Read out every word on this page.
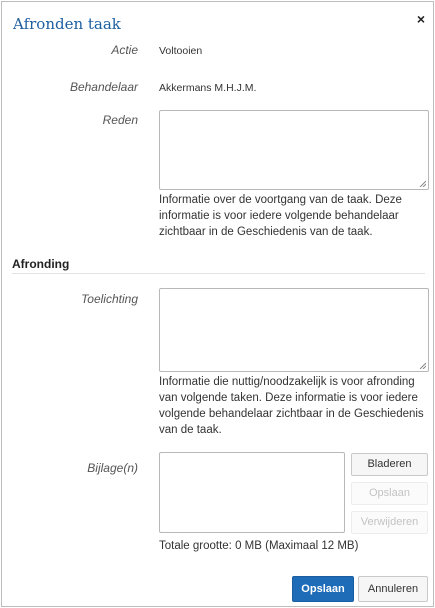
Afronden taak	×
Actie Voltooien
Behandelaar Akkermans M.H.J.M.
Reden
Informatie over de voortgang van de taak. Deze informatie is voor iedere volgende behandelaar zichtbaar in de Geschiedenis van de taak.
Afronding
Toelichting
Informatie die nuttig/noodzakelijk is voor afronding van volgende taken. Deze informatie is voor iedere volgende behandelaar zichtbaar in de Geschiedenis van de taak.
Bijlage(n)	Bladeren
Opslaan
Verwijderen
Totale grootte: 0 MB (Maximaal 12 MB)
Opslaan	Annuleren
